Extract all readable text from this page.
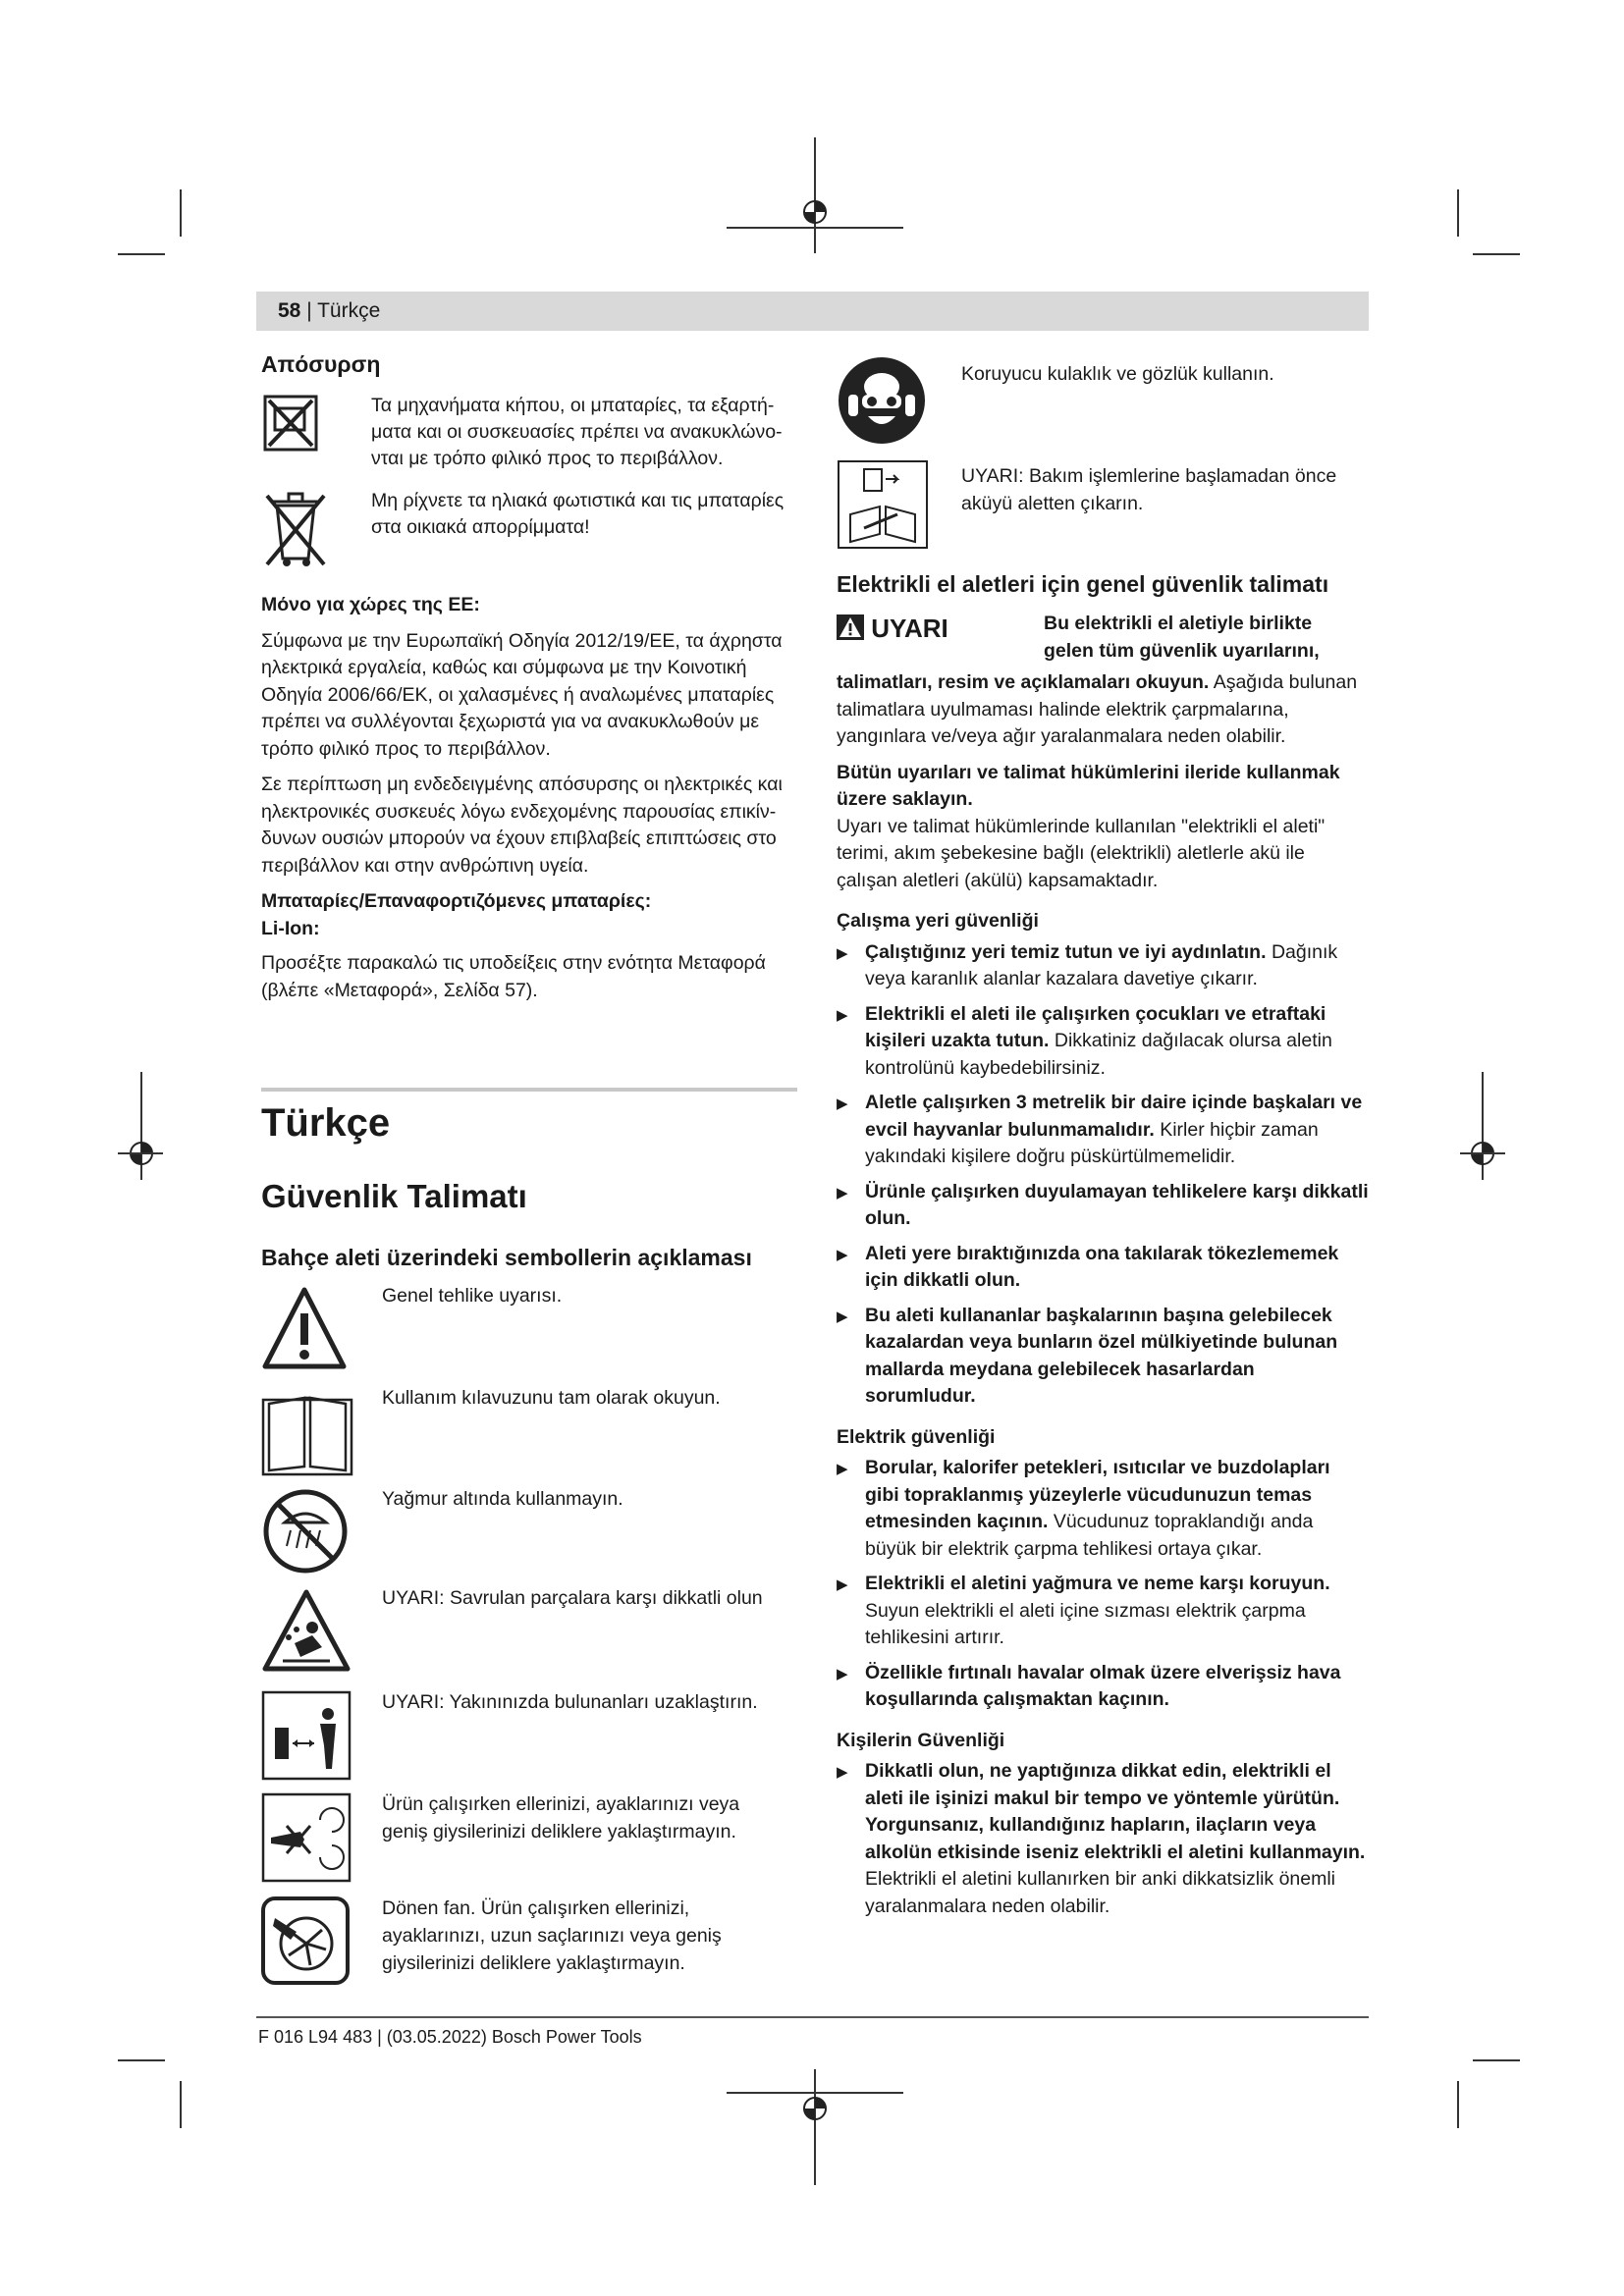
58 | Türkçe
Απόσυρση
Τα μηχανήματα κήπου, οι μπαταρίες, τα εξαρτή-ματα και οι συσκευασίες πρέπει να ανακυκλώνο-νται με τρόπο φιλικό προς το περιβάλλον.
Μη ρίχνετε τα ηλιακά φωτιστικά και τις μπαταρίες στα οικιακά απορρίμματα!

Μόνο για χώρες της ΕΕ:

Σύμφωνα με την Ευρωπαϊκή Οδηγία 2012/19/ΕΕ, τα άχρηστα ηλεκτρικά εργαλεία, καθώς και σύμφωνα με την Κοινοτική Οδηγία 2006/66/ΕΚ, οι χαλασμένες ή αναλωμένες μπαταρίες πρέπει να συλλέγονται ξεχωριστά για να ανακυκλωθούν με τρόπο φιλικό προς το περιβάλλον.

Σε περίπτωση μη ενδεδειγμένης απόσυρσης οι ηλεκτρικές και ηλεκτρονικές συσκευές λόγω ενδεχομένης παρουσίας επικίν-δυνων ουσιών μπορούν να έχουν επιβλαβείς επιπτώσεις στο περιβάλλον και στην ανθρώπινη υγεία.

Μπαταρίες/Επαναφορτιζόμενες μπαταρίες:

Li-Ion:

Προσέξτε παρακαλώ τις υποδείξεις στην ενότητα Μεταφορά (βλέπε «Μεταφορά», Σελίδα 57).

Türkçe
Güvenlik Talimatı
Bahçe aleti üzerindeki sembollerin açıklaması
Genel tehlike uyarısı.
Kullanım kılavuzunu tam olarak okuyun.
Yağmur altında kullanmayın.
UYARI: Savrulan parçalara karşı dikkatli olun
UYARI: Yakınınızda bulunanları uzaklaştırın.
Ürün çalışırken ellerinizi, ayaklarınızı veya geniş giysilerinizi deliklere yaklaştırmayın.
Dönen fan. Ürün çalışırken ellerinizi, ayaklarınızı, uzun saçlarınızı veya geniş giysilerinizi deliklere yaklaştırmayın.
Koruyucu kulaklık ve gözlük kullanın.
UYARI: Bakım işlemlerine başlamadan önce aküyü aletten çıkarın.
Elektrikli el aletleri için genel güvenlik talimatı
UYARI	Bu elektrikli el aletiyle birlikte gelen tüm güvenlik uyarılarını,

talimatları, resim ve açıklamaları okuyun. Aşağıda bulunan talimatlara uyulmaması halinde elektrik çarpmalarına, yangınlara ve/veya ağır yaralanmalara neden olabilir.

Bütün uyarıları ve talimat hükümlerini ileride kullanmak üzere saklayın.

Uyarı ve talimat hükümlerinde kullanılan "elektrikli el aleti" terimi, akım şebekesine bağlı (elektrikli) aletlerle akü ile çalışan aletleri (akülü) kapsamaktadır.

Çalışma yeri güvenliği

▶ Çalıştığınız yeri temiz tutun ve iyi aydınlatın. Dağınık veya karanlık alanlar kazalara davetiye çıkarır.
▶ Elektrikli el aleti ile çalışırken çocukları ve etraftaki kişileri uzakta tutun. Dikkatiniz dağılacak olursa aletin kontrolünü kaybedebilirsiniz.
▶ Aletle çalışırken 3 metrelik bir daire içinde başkaları ve evcil hayvanlar bulunmamalıdır. Kirler hiçbir zaman yakındaki kişilere doğru püskürtülmemelidir.
▶ Ürünle çalışırken duyulamayan tehlikelere karşı dikkatli olun.
▶ Aleti yere bıraktığınızda ona takılarak tökezlememek için dikkatli olun.
▶ Bu aleti kullananlar başkalarının başına gelebilecek kazalardan veya bunların özel mülkiyetinde bulunan mallarda meydana gelebilecek hasarlardan sorumludur.

Elektrik güvenliği

▶ Borular, kalorifer petekleri, ısıtıcılar ve buzdolapları gibi topraklanmış yüzeylerle vücudunuzun temas etmesinden kaçının. Vücudunuz topraklandığı anda büyük bir elektrik çarpma tehlikesi ortaya çıkar.
▶ Elektrikli el aletini yağmura ve neme karşı koruyun. Suyun elektrikli el aleti içine sızması elektrik çarpma tehlikesini artırır.
▶ Özellikle fırtınalı havalar olmak üzere elverişsiz hava koşullarında çalışmaktan kaçının.

Kişilerin Güvenliği

▶ Dikkatli olun, ne yaptığınıza dikkat edin, elektrikli el aleti ile işinizi makul bir tempo ve yöntemle yürütün. Yorgunsanız, kullandığınız hapların, ilaçların veya alkolün etkisinde iseniz elektrikli el aletini kullanmayın. Elektrikli el aletini kullanırken bir anki dikkatsizlik önemli yaralanmalara neden olabilir.
F 016 L94 483 | (03.05.2022) Bosch Power Tools
